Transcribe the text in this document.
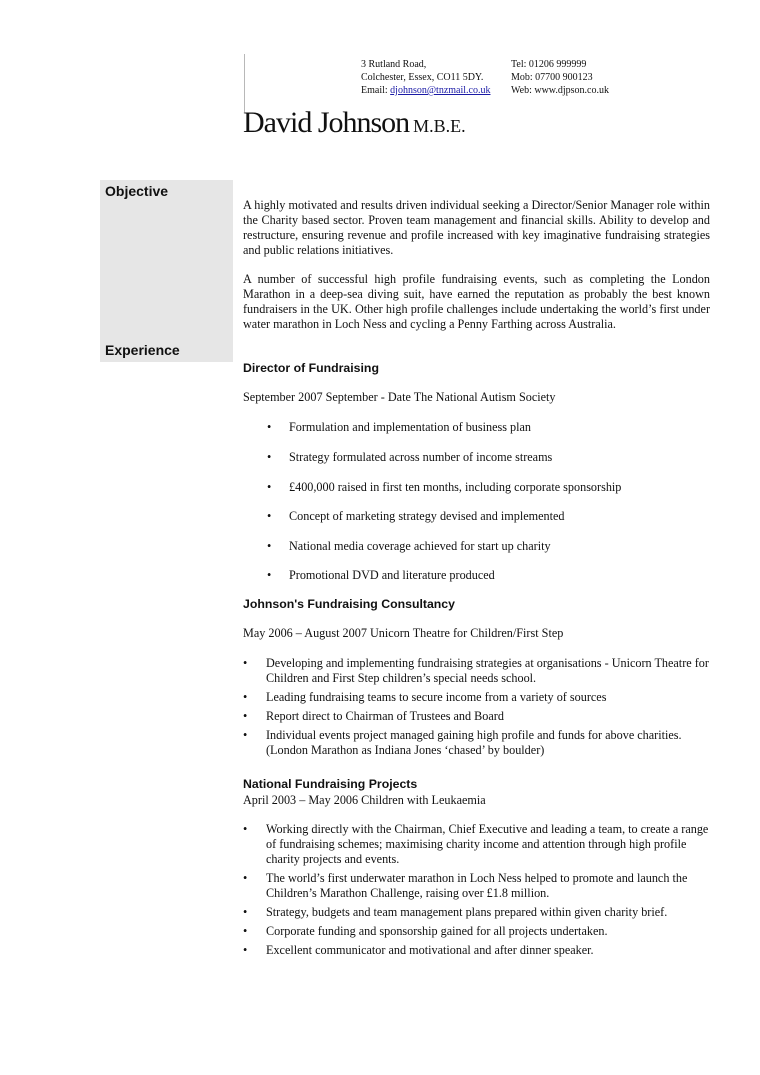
3 Rutland Road,
Colchester, Essex, CO11 5DY.
Email: djohnson@tnzmail.co.uk
Tel: 01206 999999
Mob: 07700 900123
Web: www.djpson.co.uk
David Johnson M.B.E.
Objective
Experience

A highly motivated and results driven individual seeking a Director/Senior Manager role within the Charity based sector. Proven team management and financial skills. Ability to develop and restructure, ensuring revenue and profile increased with key imaginative fundraising strategies and public relations initiatives.

A number of successful high profile fundraising events, such as completing the London Marathon in a deep-sea diving suit, have earned the reputation as probably the best known fundraisers in the UK. Other high profile challenges include undertaking the world’s first under water marathon in Loch Ness and cycling a Penny Farthing across Australia.

Director of Fundraising
September 2007 September - Date The National Autism Society
• Formulation and implementation of business plan
• Strategy formulated across number of income streams
• £400,000 raised in first ten months, including corporate sponsorship
• Concept of marketing strategy devised and implemented
• National media coverage achieved for start up charity
• Promotional DVD and literature produced
Johnson's Fundraising Consultancy
May 2006 – August 2007 Unicorn Theatre for Children/First Step
• Developing and implementing fundraising strategies at organisations - Unicorn Theatre for Children and First Step children’s special needs school.
• Leading fundraising teams to secure income from a variety of sources
• Report direct to Chairman of Trustees and Board
• Individual events project managed gaining high profile and funds for above charities. (London Marathon as Indiana Jones ‘chased’ by boulder)
National Fundraising Projects
April 2003 – May 2006 Children with Leukaemia
• Working directly with the Chairman, Chief Executive and leading a team, to create a range of fundraising schemes; maximising charity income and attention through high profile charity projects and events.
• The world’s first underwater marathon in Loch Ness helped to promote and launch the Children’s Marathon Challenge, raising over £1.8 million.
• Strategy, budgets and team management plans prepared within given charity brief.
• Corporate funding and sponsorship gained for all projects undertaken.
• Excellent communicator and motivational and after dinner speaker.
